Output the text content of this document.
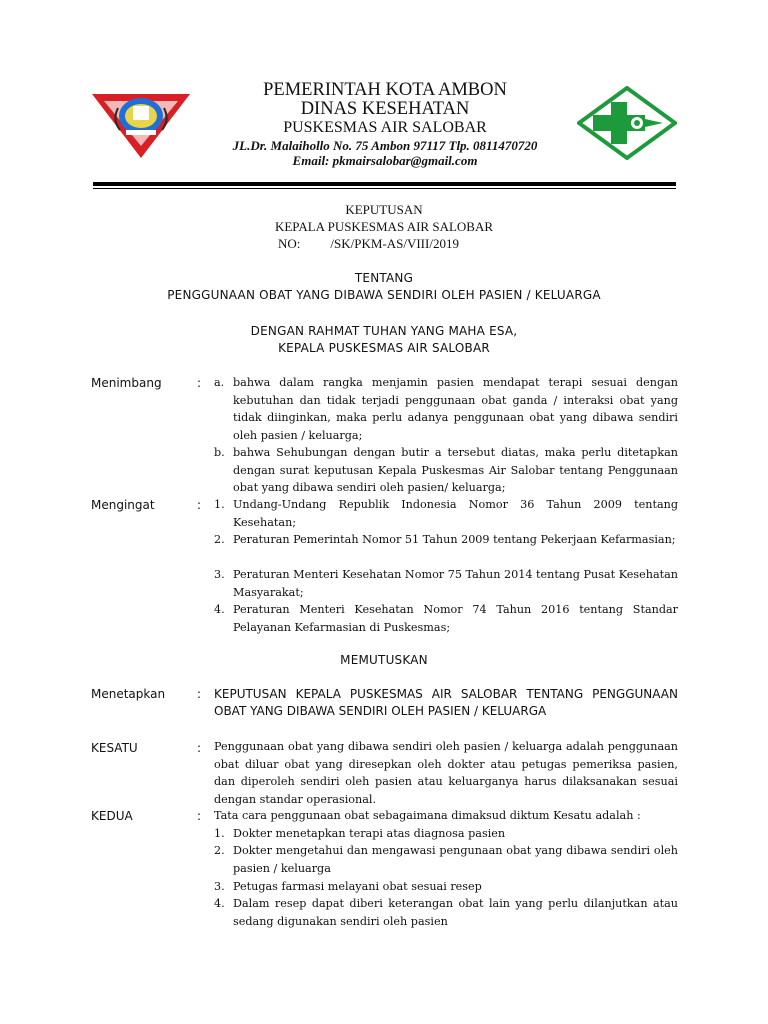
PEMERINTAH KOTA AMBON
DINAS KESEHATAN
PUSKESMAS AIR SALOBAR
JL.Dr. Malaihollo No. 75 Ambon 97117 Tlp. 0811470720
Email: pkmairsalobar@gmail.com
KEPUTUSAN
KEPALA PUSKESMAS AIR SALOBAR
NO: /SK/PKM-AS/VIII/2019
TENTANG
PENGGUNAAN OBAT YANG DIBAWA SENDIRI OLEH PASIEN / KELUARGA
DENGAN RAHMAT TUHAN YANG MAHA ESA,
KEPALA PUSKESMAS AIR SALOBAR
Menimbang	: a. bahwa dalam rangka menjamin pasien mendapat terapi sesuai dengan kebutuhan dan tidak terjadi penggunaan obat ganda / interaksi obat yang tidak diinginkan, maka perlu adanya penggunaan obat yang dibawa sendiri oleh pasien / keluarga;
b. bahwa Sehubungan dengan butir a tersebut diatas, maka perlu ditetapkan dengan surat keputusan Kepala Puskesmas Air Salobar tentang Penggunaan obat yang dibawa sendiri oleh pasien/ keluarga;
Mengingat	: 1. Undang-Undang Republik Indonesia Nomor 36 Tahun 2009 tentang Kesehatan;
2. Peraturan Pemerintah Nomor 51 Tahun 2009 tentang Pekerjaan Kefarmasian;
3. Peraturan Menteri Kesehatan Nomor 75 Tahun 2014 tentang Pusat Kesehatan Masyarakat;
4. Peraturan Menteri Kesehatan Nomor 74 Tahun 2016 tentang Standar Pelayanan Kefarmasian di Puskesmas;
MEMUTUSKAN
Menetapkan	: KEPUTUSAN KEPALA PUSKESMAS AIR SALOBAR TENTANG PENGGUNAAN OBAT YANG DIBAWA SENDIRI OLEH PASIEN / KELUARGA
KESATU	: Penggunaan obat yang dibawa sendiri oleh pasien / keluarga adalah penggunaan obat diluar obat yang diresepkan oleh dokter atau petugas pemeriksa pasien, dan diperoleh sendiri oleh pasien atau keluarganya harus dilaksanakan sesuai dengan standar operasional.
KEDUA	: Tata cara penggunaan obat sebagaimana dimaksud diktum Kesatu adalah :
1. Dokter menetapkan terapi atas diagnosa pasien
2. Dokter mengetahui dan mengawasi pengunaan obat yang dibawa sendiri oleh pasien / keluarga
3. Petugas farmasi melayani obat sesuai resep
4. Dalam resep dapat diberi keterangan obat lain yang perlu dilanjutkan atau sedang digunakan sendiri oleh pasien
